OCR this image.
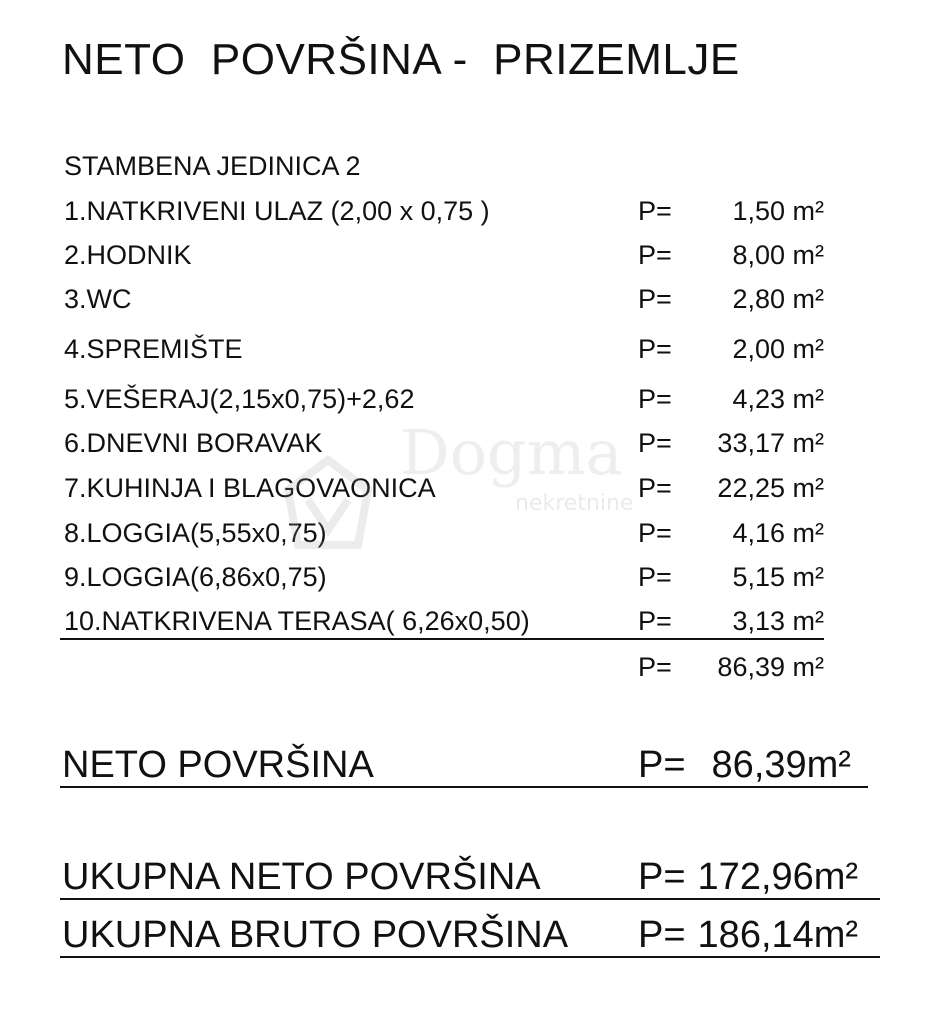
NETO  POVRŠINA -  PRIZEMLJE
STAMBENA JEDINICA 2
1.NATKRIVENI ULAZ (2,00 x 0,75 )	P= 1,50 m²
2.HODNIK	P= 8,00 m²
3.WC	P= 2,80 m²
4.SPREMIŠTE	P= 2,00 m²
5.VEŠERAJ(2,15x0,75)+2,62	P= 4,23 m²
6.DNEVNI BORAVAK	P= 33,17 m²
7.KUHINJA I BLAGOVAONICA	P= 22,25 m²
8.LOGGIA(5,55x0,75)	P= 4,16 m²
9.LOGGIA(6,86x0,75)	P= 5,15 m²
10.NATKRIVENA TERASA( 6,26x0,50)	P= 3,13 m²
P= 86,39 m²
NETO POVRŠINA	P= 86,39m²
UKUPNA NETO POVRŠINA	P= 172,96m²
UKUPNA BRUTO POVRŠINA P= 186,14m²
Dogma
nekretnine
